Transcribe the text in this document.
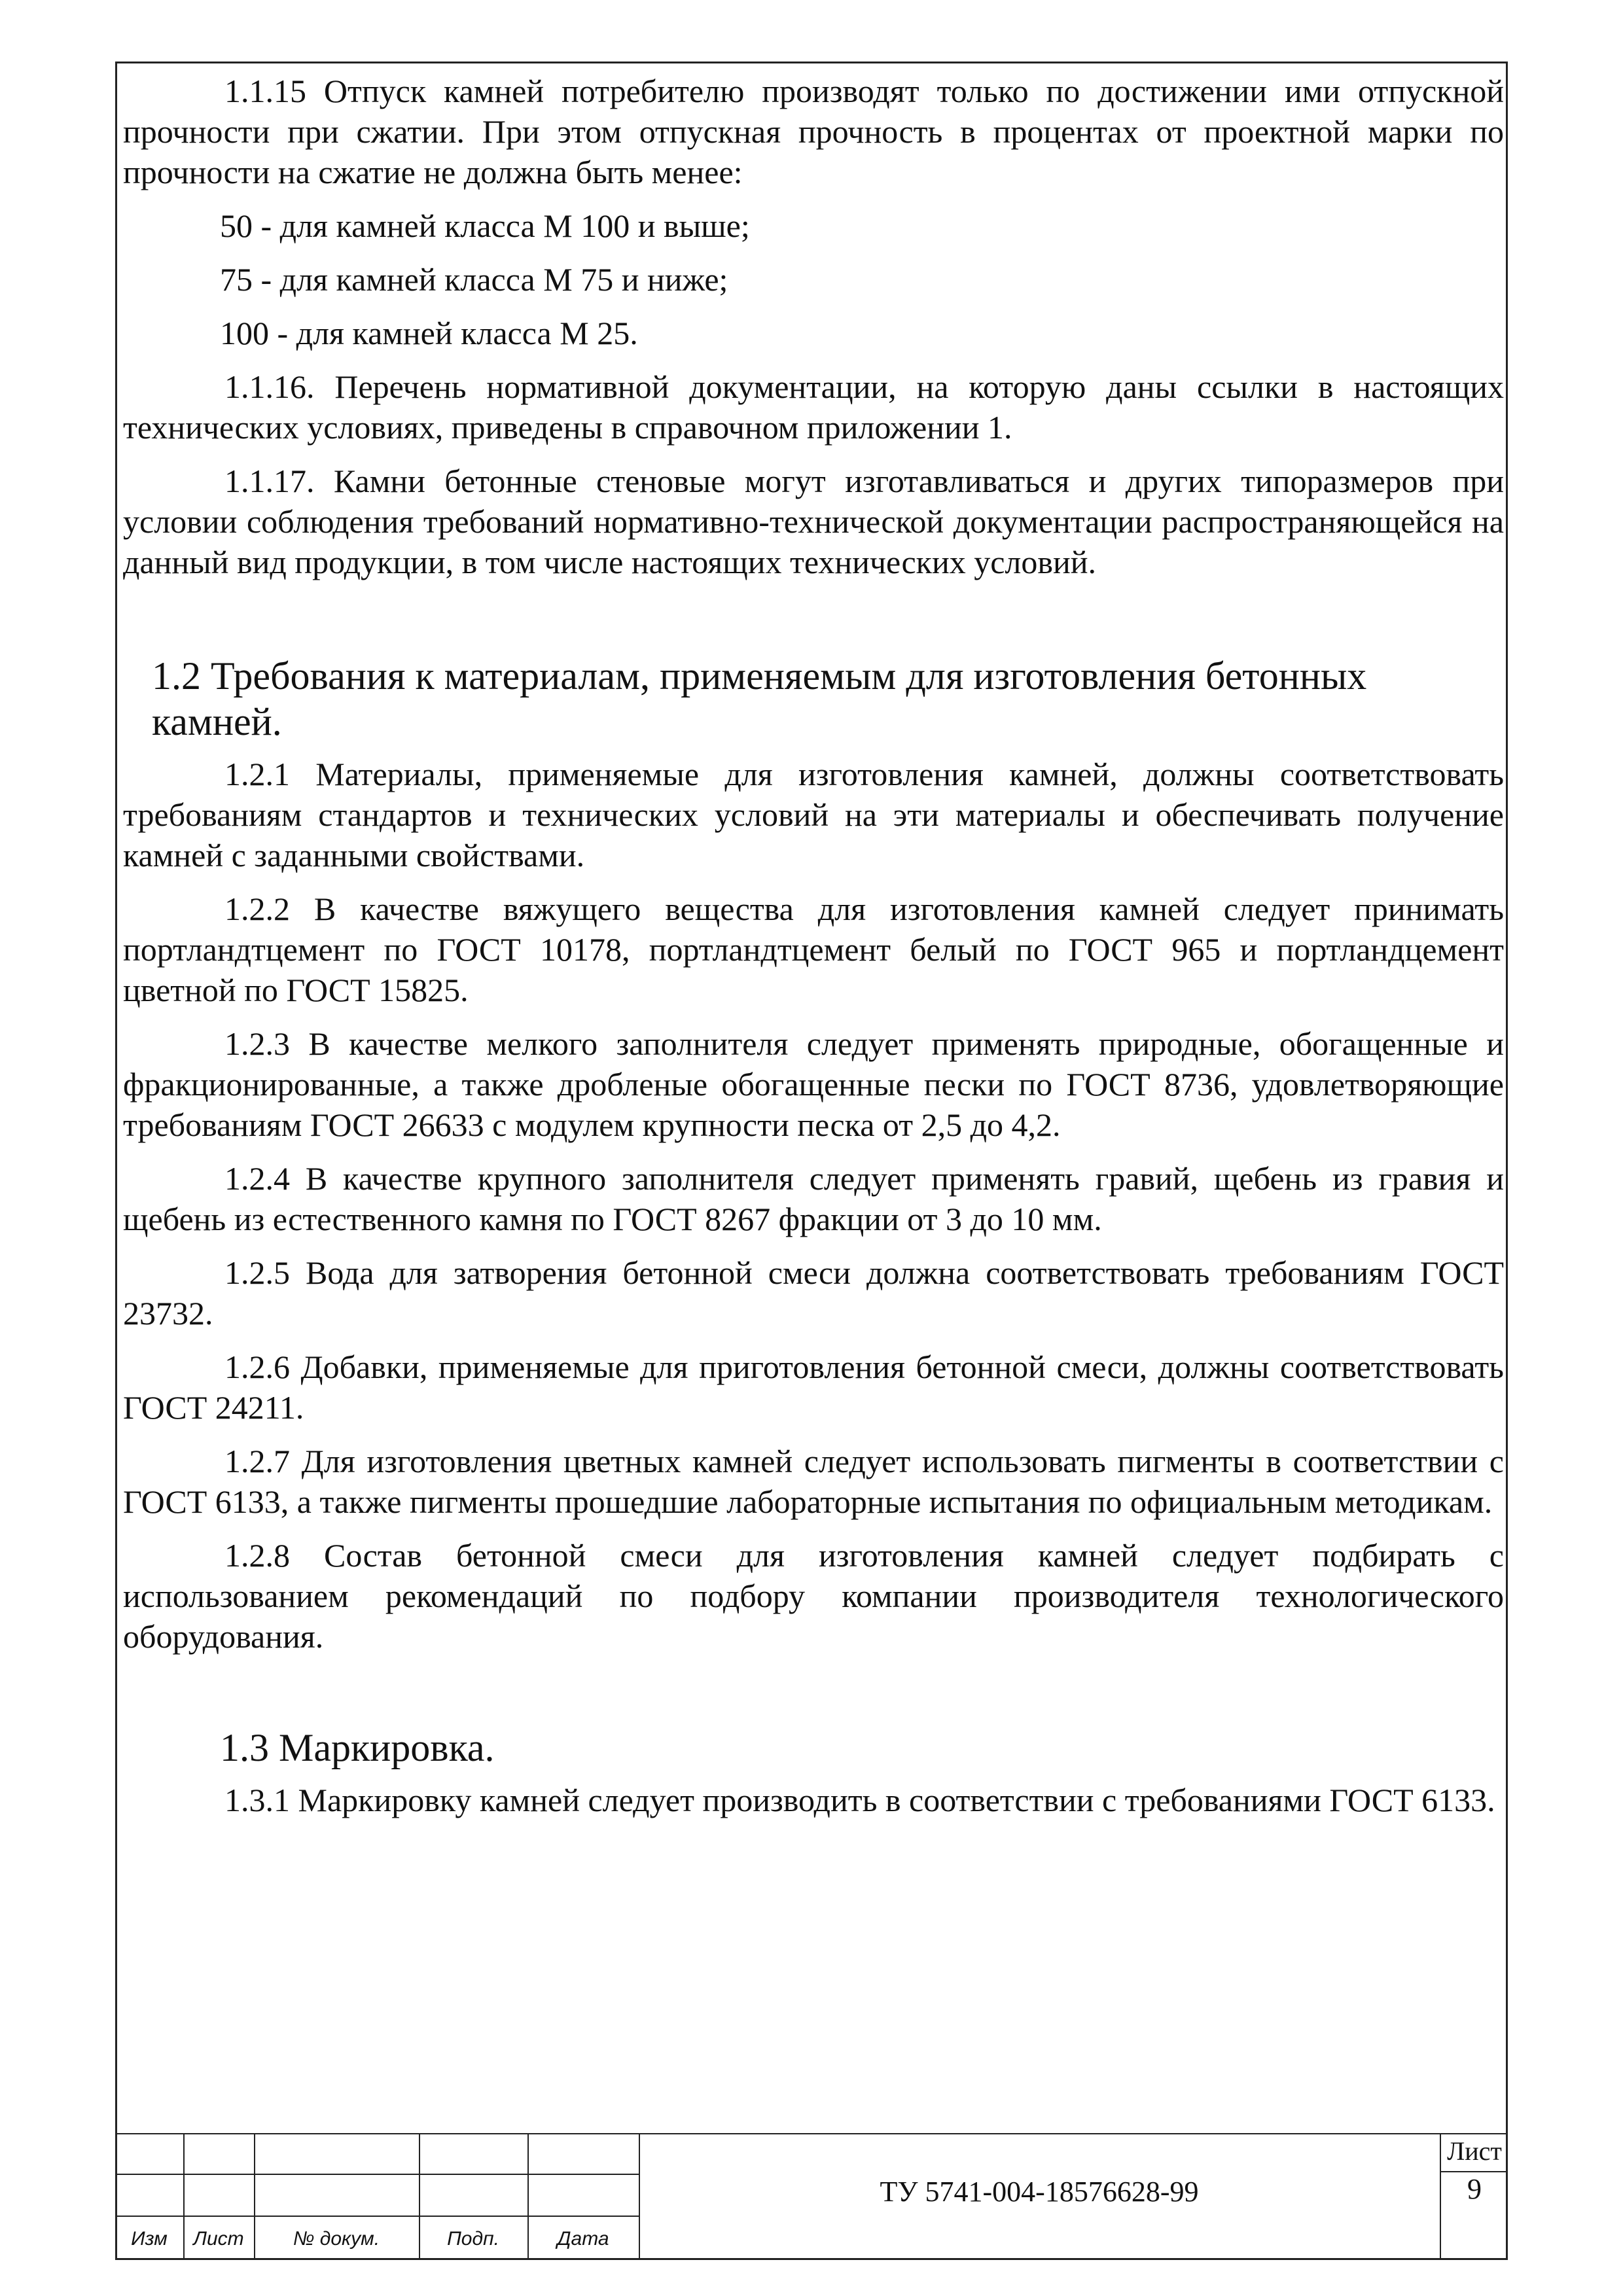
1.1.15 Отпуск камней потребителю производят только по достижении ими отпускной прочности при сжатии. При этом отпускная прочность в процентах от проектной марки по прочности на сжатие не должна быть менее:

50 - для камней класса М 100 и выше;

75 - для камней класса М 75 и ниже;

100 - для камней класса М 25.

1.1.16. Перечень нормативной документации, на которую даны ссылки в настоящих технических условиях, приведены в справочном приложении 1.

1.1.17. Камни бетонные стеновые могут изготавливаться и других типоразмеров при условии соблюдения требований нормативно-технической документации распространяющейся на данный вид продукции, в том числе настоящих технических условий.

1.2 Требования к материалам, применяемым для изготовления бетонных камней.

1.2.1 Материалы, применяемые для изготовления камней, должны соответствовать требованиям стандартов и технических условий на эти материалы и обеспечивать получение камней с заданными свойствами.

1.2.2 В качестве вяжущего вещества для изготовления камней следует принимать портландтцемент по ГОСТ 10178, портландтцемент белый по ГОСТ 965 и портландцемент цветной по ГОСТ 15825.

1.2.3 В качестве мелкого заполнителя следует применять природные, обогащенные и фракционированные, а также дробленые обогащенные пески по ГОСТ 8736, удовлетворяющие требованиям ГОСТ 26633 с модулем крупности песка от 2,5 до 4,2.

1.2.4 В качестве крупного заполнителя следует применять гравий, щебень из гравия и щебень из естественного камня по ГОСТ 8267 фракции от 3 до 10 мм.

1.2.5 Вода для затворения бетонной смеси должна соответствовать требованиям ГОСТ 23732.

1.2.6 Добавки, применяемые для приготовления бетонной смеси, должны соответствовать ГОСТ 24211.

1.2.7 Для изготовления цветных камней следует использовать пигменты в соответствии с ГОСТ 6133, а также пигменты прошедшие лабораторные испытания по официальным методикам.

1.2.8 Состав бетонной смеси для изготовления камней следует подбирать с использованием рекомендаций по подбору компании производителя технологического оборудования.

1.3 Маркировка.

1.3.1 Маркировку камней следует производить в соответствии с требованиями ГОСТ 6133.

Изм	Лист	№ докум.	Подп.	Дата
ТУ 5741-004-18576628-99
Лист
9
